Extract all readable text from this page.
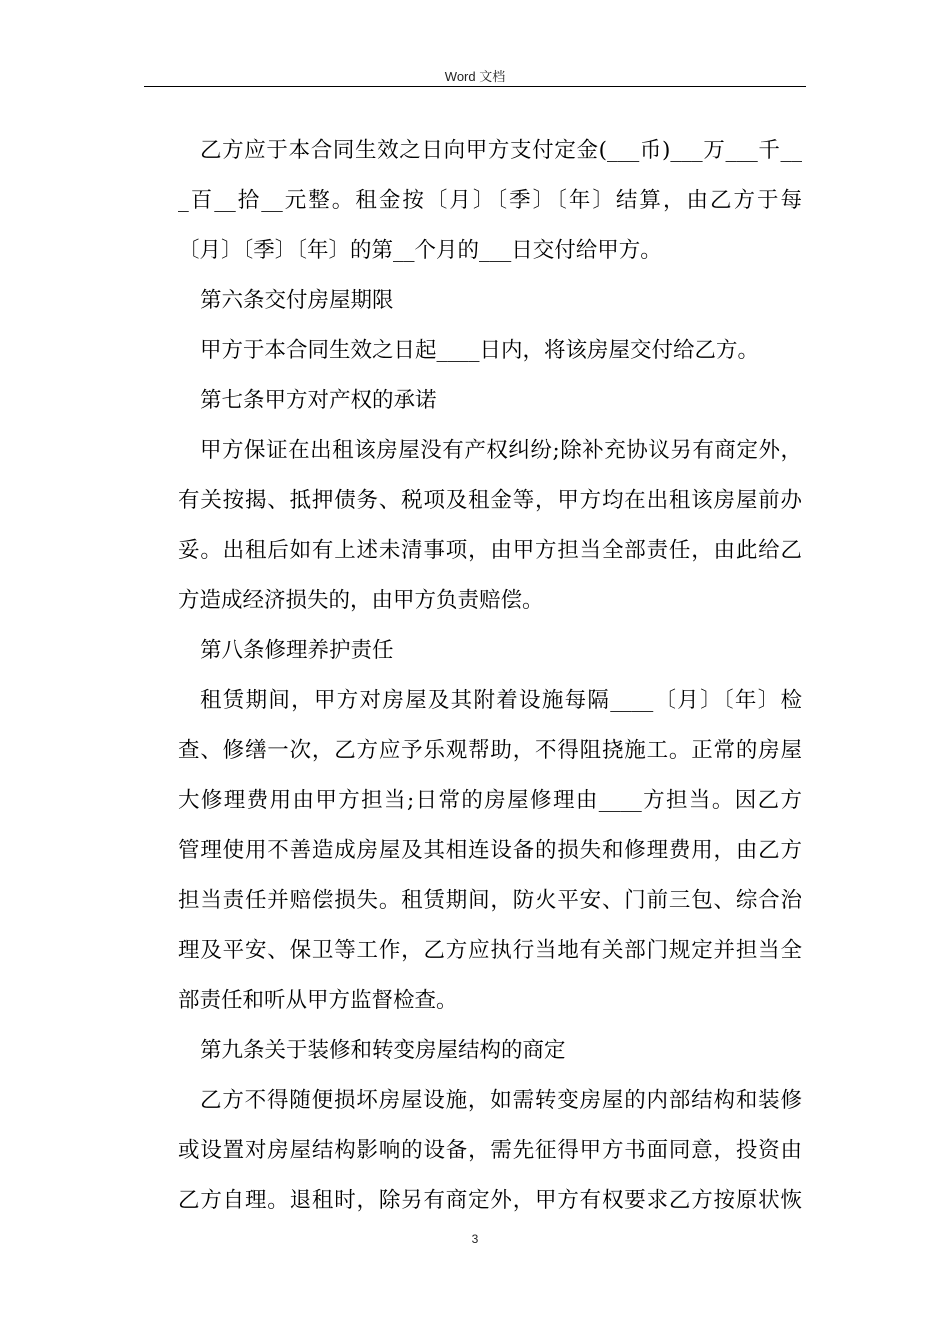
Word 文档
乙方应于本合同生效之日向甲方支付定金(___币)___万___千__
_百__拾__元整。租金按〔月〕〔季〕〔年〕结算，由乙方于每
〔月〕〔季〕〔年〕的第__个月的___日交付给甲方。
第六条交付房屋期限
甲方于本合同生效之日起____日内，将该房屋交付给乙方。
第七条甲方对产权的承诺
甲方保证在出租该房屋没有产权纠纷;除补充协议另有商定外，
有关按揭、抵押债务、税项及租金等，甲方均在出租该房屋前办
妥。出租后如有上述未清事项，由甲方担当全部责任，由此给乙
方造成经济损失的，由甲方负责赔偿。
第八条修理养护责任
租赁期间，甲方对房屋及其附着设施每隔____〔月〕〔年〕检
查、修缮一次，乙方应予乐观帮助，不得阻挠施工。正常的房屋
大修理费用由甲方担当;日常的房屋修理由____方担当。因乙方
管理使用不善造成房屋及其相连设备的损失和修理费用，由乙方
担当责任并赔偿损失。租赁期间，防火平安、门前三包、综合治
理及平安、保卫等工作，乙方应执行当地有关部门规定并担当全
部责任和听从甲方监督检查。
第九条关于装修和转变房屋结构的商定
乙方不得随便损坏房屋设施，如需转变房屋的内部结构和装修
或设置对房屋结构影响的设备，需先征得甲方书面同意，投资由
乙方自理。退租时，除另有商定外，甲方有权要求乙方按原状恢
3
